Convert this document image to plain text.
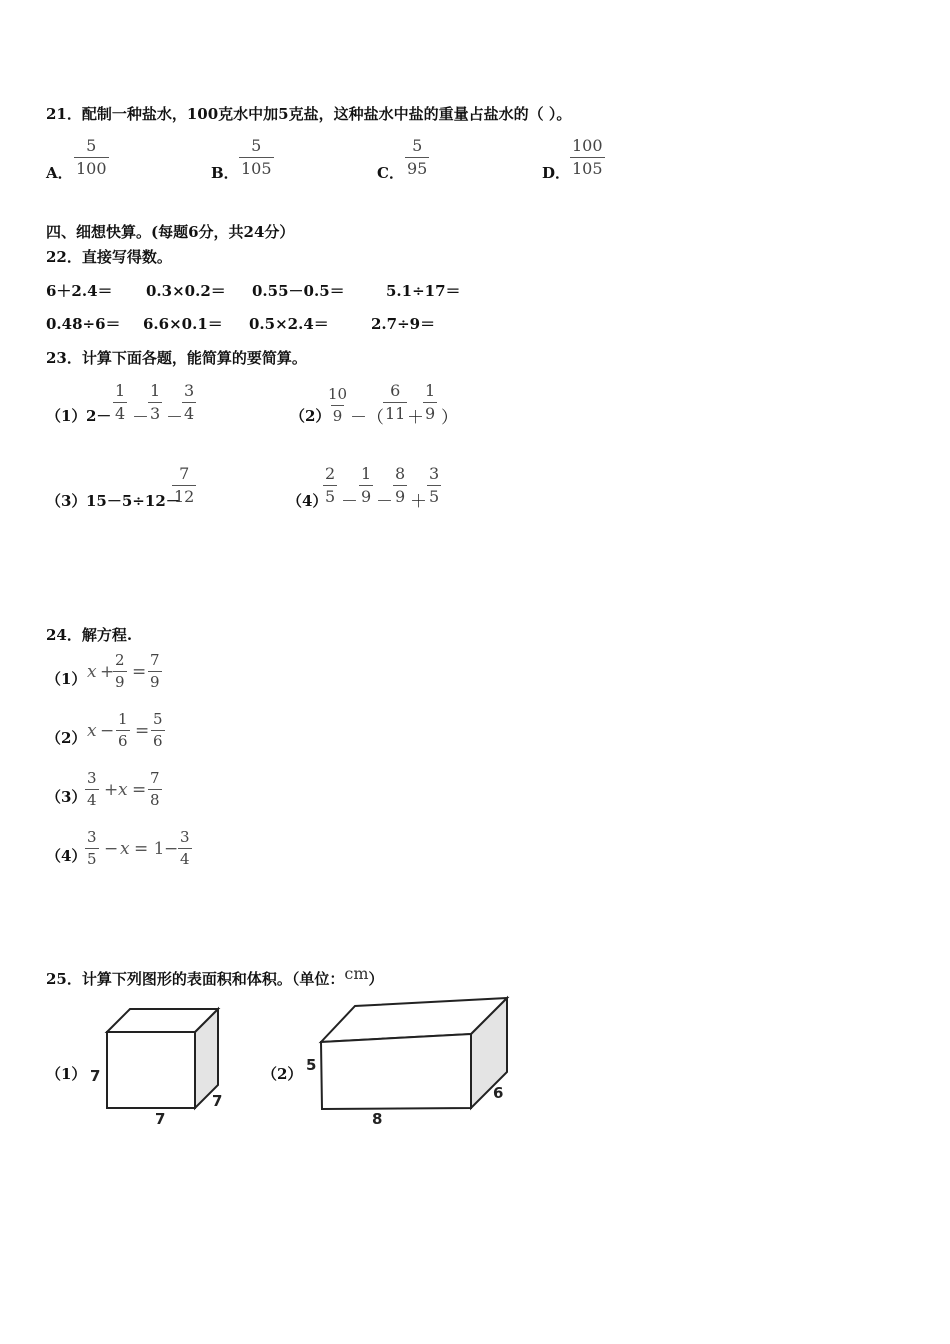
21．配制一种盐水，100克水中加5克盐，这种盐水中盐的重量占盐水的（ ）。
A． $\frac{5}{100}$	B． $\frac{5}{105}$	C． $\frac{5}{95}$	D． $\frac{100}{105}$
四、细想快算。(每题6分，共24分）
22．直接写得数。
6＋2.4＝ 0.3×0.2＝ 0.55－0.5＝	5.1÷17＝
0.48÷6＝ 6.6×0.1＝ 0.5×2.4＝	2.7÷9＝
23．计算下面各题，能简算的要简算。
（1） $2- \frac{1}{4} - \frac{1}{3} - \frac{3}{4}$	（2）
$\frac{10}{9}$ －（ $\frac{6}{11} + \frac{1}{9}$ ）
（3） 15－5÷12－
$\frac{7}{12}$	（4）
$\frac{2}{5} - \frac{1}{9} - \frac{8}{9} + \frac{3}{5}$
24．解方程.
（1） x +
$\frac{2}{9} = \frac{7}{9}$
（2） $x - \frac{1}{6} = \frac{5}{6}$
（3）
$\frac{3}{4} + x = \frac{7}{8}$
（4）
$\frac{3}{5} - x = 1 - \frac{3}{4}$
25．计算下列图形的表面积和体积。（单位：cm）
（1） 7
7
7
（2） 5
8
6
